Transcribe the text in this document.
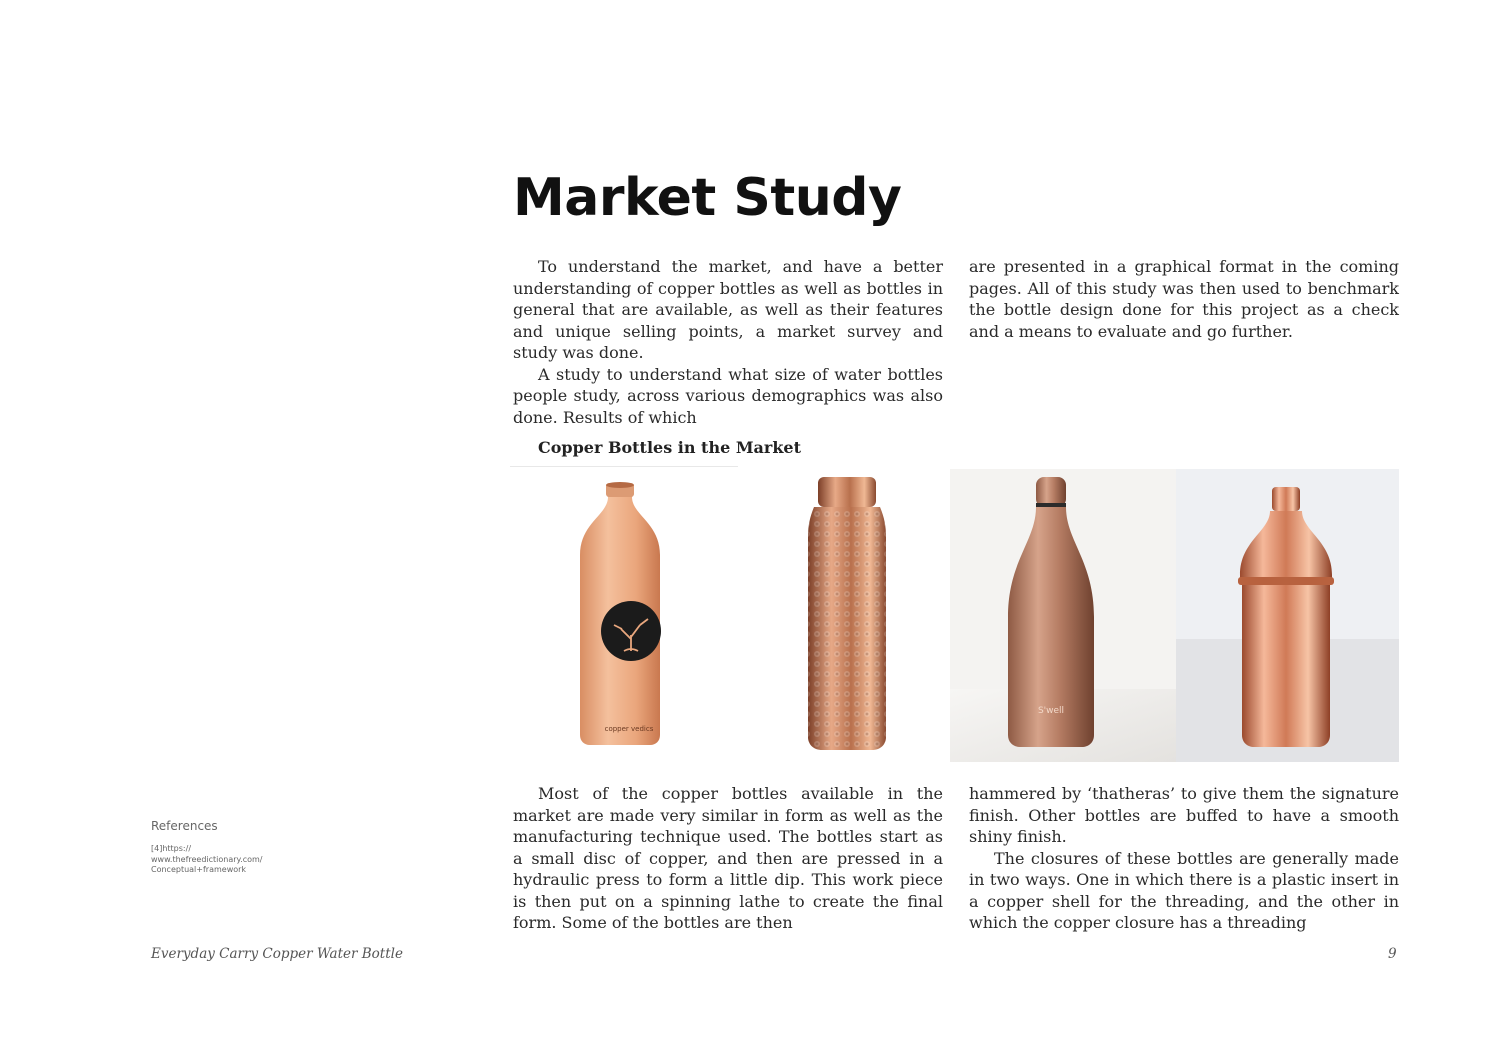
Market Study

To understand the market, and have a better understanding of copper bottles as well as bottles in general that are available, as well as their features and unique selling points, a market survey and study was done.

A study to understand what size of water bottles people study, across various demographics was also done. Results of which

are presented in a graphical format in the coming pages. All of this study was then used to benchmark the bottle design done for this project as a check and a means to evaluate and go further.

Copper Bottles in the Market
copper vedics
S'well

Most of the copper bottles available in the market are made very similar in form as well as the manufacturing technique used. The bottles start as a small disc of copper, and then are pressed in a hydraulic press to form a little dip. This work piece is then put on a spinning lathe to create the final form. Some of the bottles are then

hammered by ‘thatheras’ to give them the signature finish. Other bottles are buffed to have a smooth shiny finish.

The closures of these bottles are generally made in two ways. One in which there is a plastic insert in a copper shell for the threading, and the other in which the copper closure has a threading

References
[4]https://
www.thefreedictionary.com/
Conceptual+framework
Everyday Carry Copper Water Bottle	9
